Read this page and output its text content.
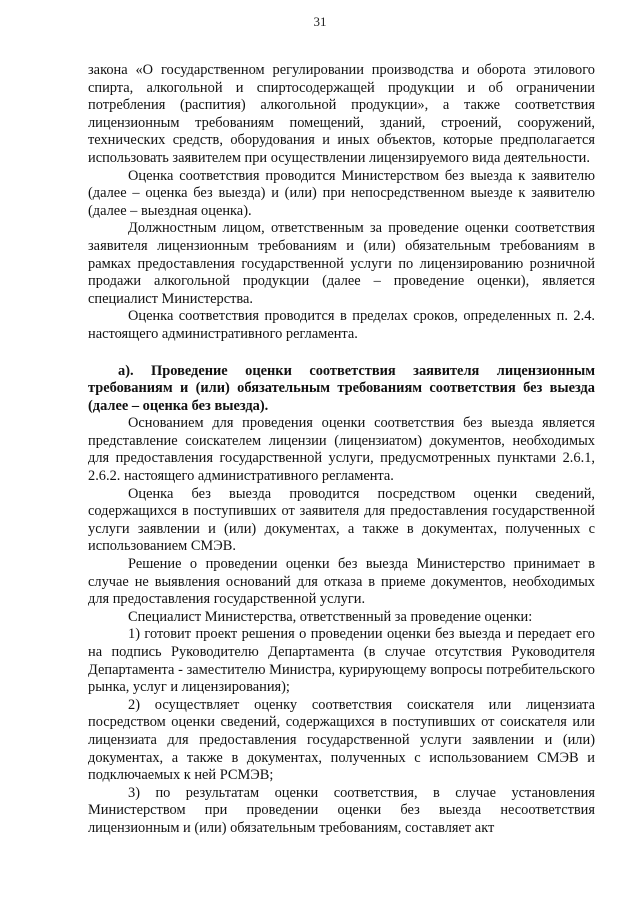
31

закона «О государственном регулировании производства и оборота этилового спирта, алкогольной и спиртосодержащей продукции и об ограничении потребления (распития) алкогольной продукции», а также соответствия лицензионным требованиям помещений, зданий, строений, сооружений, технических средств, оборудования и иных объектов, которые предполагается использовать заявителем при осуществлении лицензируемого вида деятельности.

Оценка соответствия проводится Министерством без выезда к заявителю (далее – оценка без выезда) и (или) при непосредственном выезде к заявителю (далее – выездная оценка).

Должностным лицом, ответственным за проведение оценки соответствия заявителя лицензионным требованиям и (или) обязательным требованиям в рамках предоставления государственной услуги по лицензированию розничной продажи алкогольной продукции (далее – проведение оценки), является специалист Министерства.

Оценка соответствия проводится в пределах сроков, определенных п. 2.4. настоящего административного регламента.

а). Проведение оценки соответствия заявителя лицензионным требованиям и (или) обязательным требованиям соответствия без выезда (далее – оценка без выезда).

Основанием для проведения оценки соответствия без выезда является представление соискателем лицензии (лицензиатом) документов, необходимых для предоставления государственной услуги, предусмотренных пунктами 2.6.1, 2.6.2. настоящего административного регламента.

Оценка без выезда проводится посредством оценки сведений, содержащихся в поступивших от заявителя для предоставления государственной услуги заявлении и (или) документах, а также в документах, полученных с использованием СМЭВ.

Решение о проведении оценки без выезда Министерство принимает в случае не выявления оснований для отказа в приеме документов, необходимых для предоставления государственной услуги.

Специалист Министерства, ответственный за проведение оценки:

1) готовит проект решения о проведении оценки без выезда и передает его на подпись Руководителю Департамента (в случае отсутствия Руководителя Департамента - заместителю Министра, курирующему вопросы потребительского рынка, услуг и лицензирования);

2) осуществляет оценку соответствия соискателя или лицензиата посредством оценки сведений, содержащихся в поступивших от соискателя или лицензиата для предоставления государственной услуги заявлении и (или) документах, а также в документах, полученных с использованием СМЭВ и подключаемых к ней РСМЭВ;

3) по результатам оценки соответствия, в случае установления Министерством при проведении оценки без выезда несоответствия лицензионным и (или) обязательным требованиям, составляет акт
